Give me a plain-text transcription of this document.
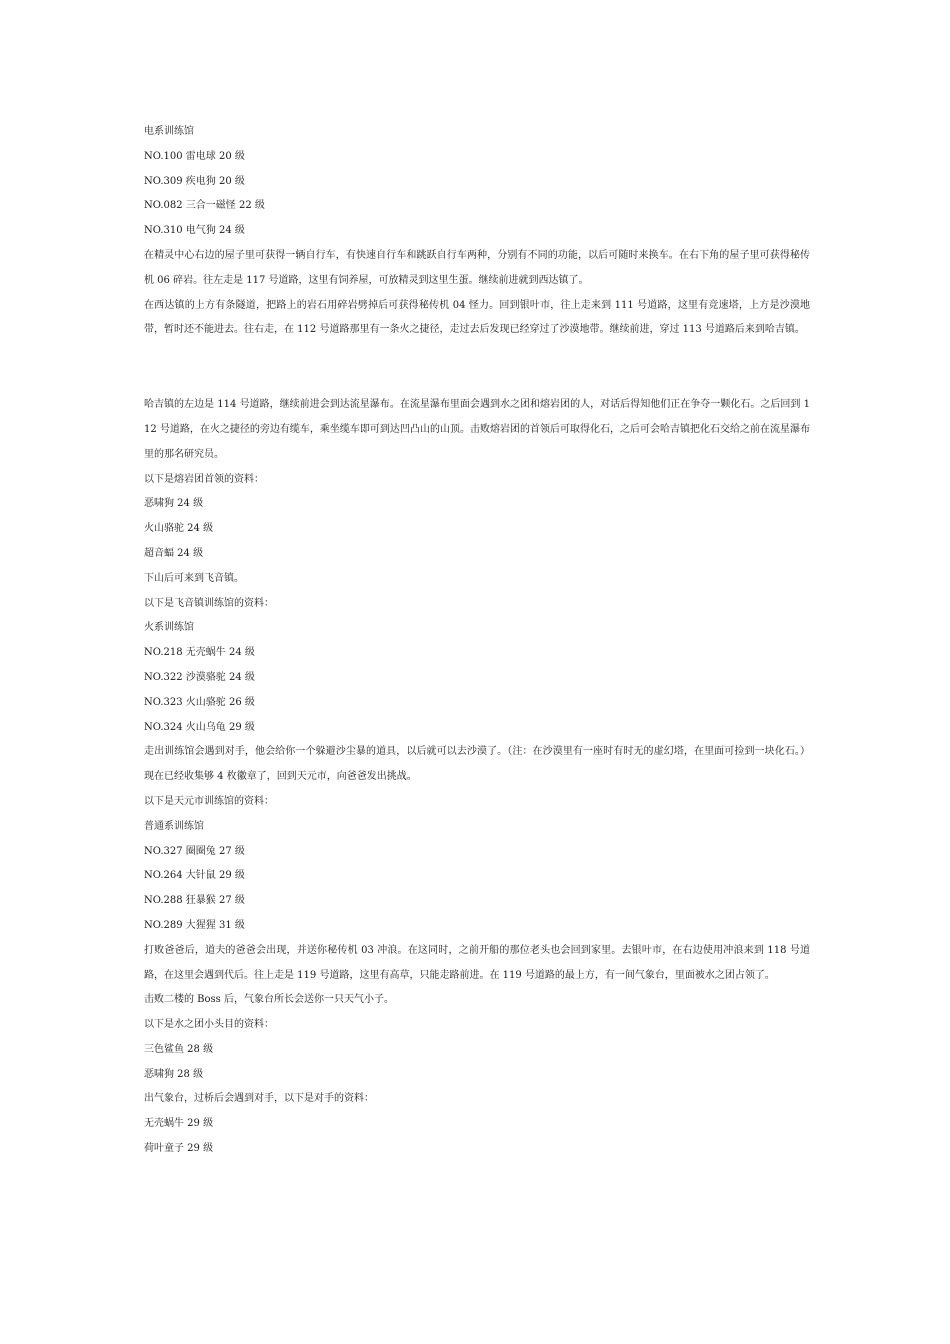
电系训练馆
NO.100 雷电球 20 级
NO.309 疾电狗 20 级
NO.082 三合一磁怪 22 级
NO.310 电气狗 24 级
在精灵中心右边的屋子里可获得一辆自行车，有快速自行车和跳跃自行车两种，分别有不同的功能，以后可随时来换车。在右下角的屋子里可获得秘传机 06 碎岩。往左走是 117 号道路，这里有饲养屋，可放精灵到这里生蛋。继续前进就到西达镇了。
在西达镇的上方有条隧道，把路上的岩石用碎岩劈掉后可获得秘传机 04 怪力。回到银叶市，往上走来到 111 号道路，这里有竞速塔，上方是沙漠地带，暂时还不能进去。往右走，在 112 号道路那里有一条火之捷径，走过去后发现已经穿过了沙漠地带。继续前进，穿过 113 号道路后来到哈吉镇。
哈吉镇的左边是 114 号道路，继续前进会到达流星瀑布。在流星瀑布里面会遇到水之团和熔岩团的人，对话后得知他们正在争夺一颗化石。之后回到 112 号道路，在火之捷径的旁边有缆车，乘坐缆车即可到达凹凸山的山顶。击败熔岩团的首领后可取得化石，之后可会哈吉镇把化石交给之前在流星瀑布里的那名研究员。
以下是熔岩团首领的资料：
恶啸狗 24 级
火山骆驼 24 级
超音蝠 24 级
下山后可来到飞音镇。
以下是飞音镇训练馆的资料：
火系训练馆
NO.218 无壳蜗牛 24 级
NO.322 沙漠骆驼 24 级
NO.323 火山骆驼 26 级
NO.324 火山乌龟 29 级
走出训练馆会遇到对手，他会给你一个躲避沙尘暴的道具，以后就可以去沙漠了。（注：在沙漠里有一座时有时无的虚幻塔，在里面可捡到一块化石。）现在已经收集够 4 枚徽章了，回到天元市，向爸爸发出挑战。
以下是天元市训练馆的资料：
普通系训练馆
NO.327 圈圈兔 27 级
NO.264 大针鼠 29 级
NO.288 狂暴猴 27 级
NO.289 大猩猩 31 级
打败爸爸后，道夫的爸爸会出现，并送你秘传机 03 冲浪。在这同时，之前开船的那位老头也会回到家里。去银叶市，在右边使用冲浪来到 118 号道路，在这里会遇到代后。往上走是 119 号道路，这里有高草，只能走路前进。在 119 号道路的最上方，有一间气象台，里面被水之团占领了。
击败二楼的 Boss 后，气象台所长会送你一只天气小子。
以下是水之团小头目的资料：
三色鲨鱼 28 级
恶啸狗 28 级
出气象台，过桥后会遇到对手，以下是对手的资料：
无壳蜗牛 29 级
荷叶童子 29 级
